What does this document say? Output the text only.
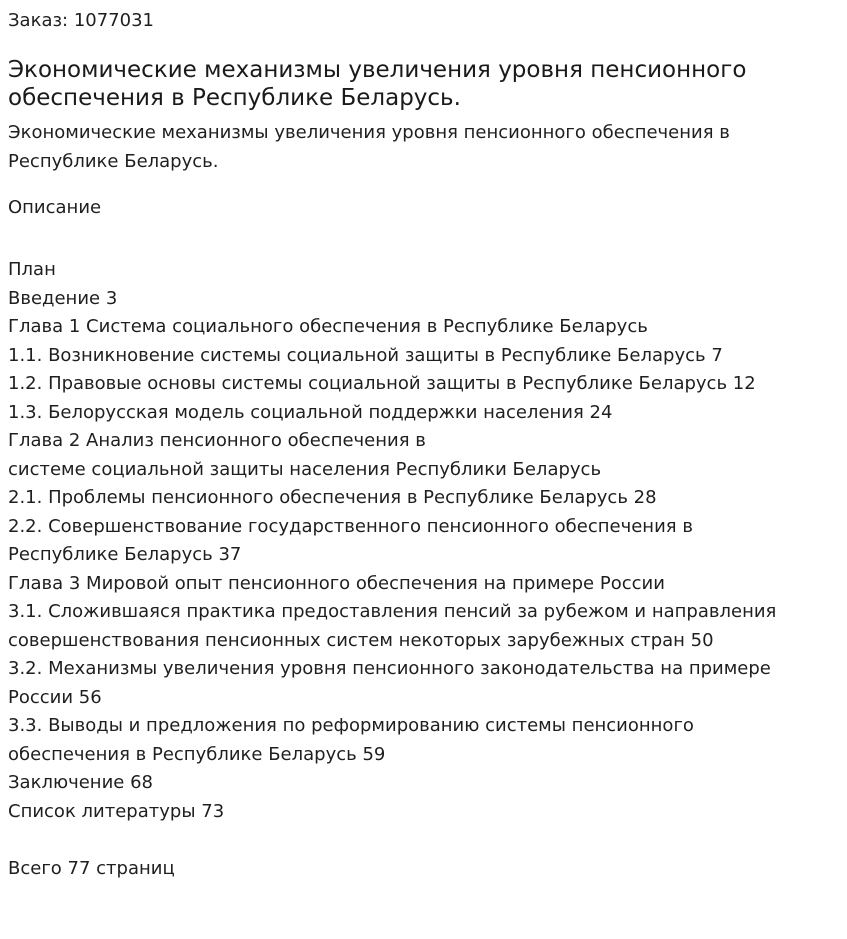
Заказ: 1077031

Экономические механизмы увеличения уровня пенсионного
обеспечения в Республике Беларусь.

Экономические механизмы увеличения уровня пенсионного обеспечения в
Республике Беларусь.

Описание

План
Введение 3
Глава 1 Система социального обеспечения в Республике Беларусь
1.1. Возникновение системы социальной защиты в Республике Беларусь 7
1.2. Правовые основы системы социальной защиты в Республике Беларусь 12
1.3. Белорусская модель социальной поддержки населения 24
Глава 2 Анализ пенсионного обеспечения в
системе социальной защиты населения Республики Беларусь
2.1. Проблемы пенсионного обеспечения в Республике Беларусь 28
2.2. Совершенствование государственного пенсионного обеспечения в
Республике Беларусь 37
Глава 3 Мировой опыт пенсионного обеспечения на примере России
3.1. Сложившаяся практика предоставления пенсий за рубежом и направления
совершенствования пенсионных систем некоторых зарубежных стран 50
3.2. Механизмы увеличения уровня пенсионного законодательства на примере
России 56
3.3. Выводы и предложения по реформированию системы пенсионного
обеспечения в Республике Беларусь 59
Заключение 68
Список литературы 73

Всего 77 страниц
